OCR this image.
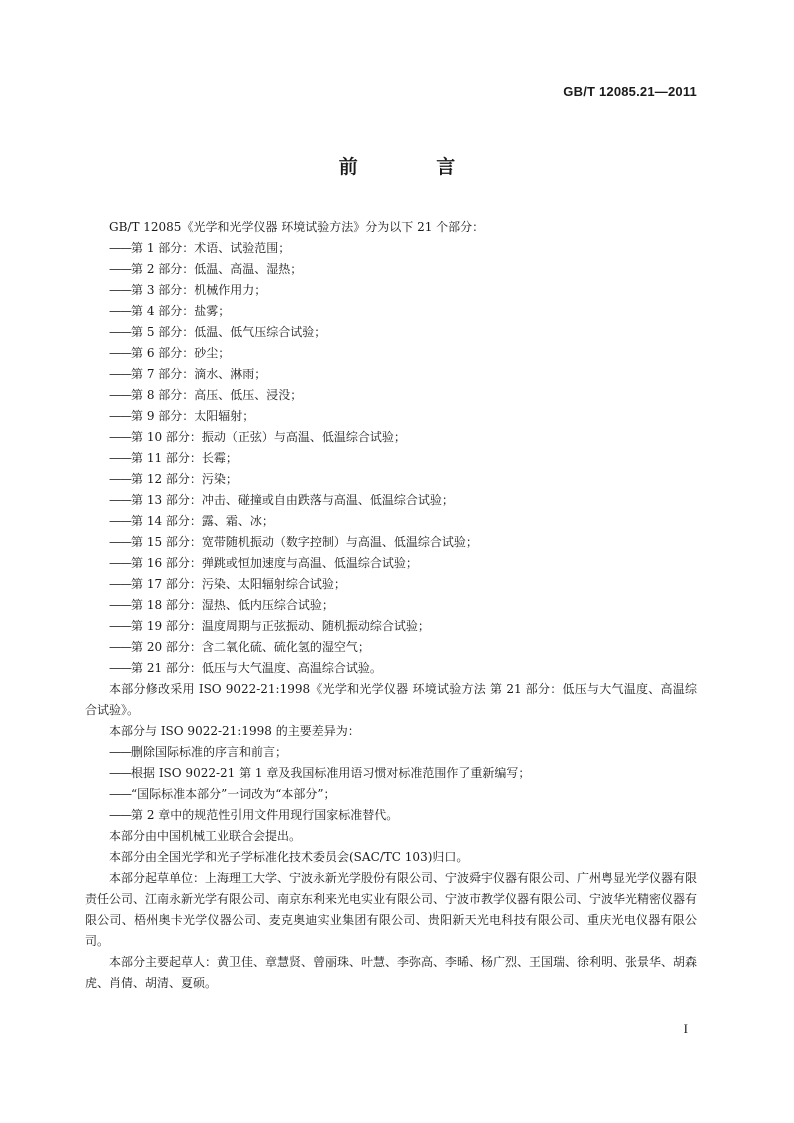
GB/T 12085.21—2011
前 言

GB/T 12085《光学和光学仪器 环境试验方法》分为以下 21 个部分：

——第 1 部分：术语、试验范围；

——第 2 部分：低温、高温、湿热；

——第 3 部分：机械作用力；

——第 4 部分：盐雾；

——第 5 部分：低温、低气压综合试验；

——第 6 部分：砂尘；

——第 7 部分：滴水、淋雨；

——第 8 部分：高压、低压、浸没；

——第 9 部分：太阳辐射；

——第 10 部分：振动（正弦）与高温、低温综合试验；

——第 11 部分：长霉；

——第 12 部分：污染；

——第 13 部分：冲击、碰撞或自由跌落与高温、低温综合试验；

——第 14 部分：露、霜、冰；

——第 15 部分：宽带随机振动（数字控制）与高温、低温综合试验；

——第 16 部分：弹跳或恒加速度与高温、低温综合试验；

——第 17 部分：污染、太阳辐射综合试验；

——第 18 部分：湿热、低内压综合试验；

——第 19 部分：温度周期与正弦振动、随机振动综合试验；

——第 20 部分：含二氧化硫、硫化氢的湿空气；

——第 21 部分：低压与大气温度、高温综合试验。

本部分修改采用 ISO 9022-21:1998《光学和光学仪器 环境试验方法 第 21 部分：低压与大气温度、高温综合试验》。

本部分与 ISO 9022-21:1998 的主要差异为：

——删除国际标准的序言和前言；

——根据 ISO 9022-21 第 1 章及我国标准用语习惯对标准范围作了重新编写；

——“国际标准本部分”一词改为“本部分”；

——第 2 章中的规范性引用文件用现行国家标准替代。

本部分由中国机械工业联合会提出。

本部分由全国光学和光子学标准化技术委员会(SAC/TC 103)归口。

本部分起草单位：上海理工大学、宁波永新光学股份有限公司、宁波舜宇仪器有限公司、广州粤显光学仪器有限责任公司、江南永新光学有限公司、南京东利来光电实业有限公司、宁波市教学仪器有限公司、宁波华光精密仪器有限公司、梧州奥卡光学仪器公司、麦克奥迪实业集团有限公司、贵阳新天光电科技有限公司、重庆光电仪器有限公司。

本部分主要起草人：黄卫佳、章慧贤、曾丽珠、叶慧、李弥高、李晞、杨广烈、王国瑞、徐利明、张景华、胡森虎、肖倩、胡清、夏硕。

I
